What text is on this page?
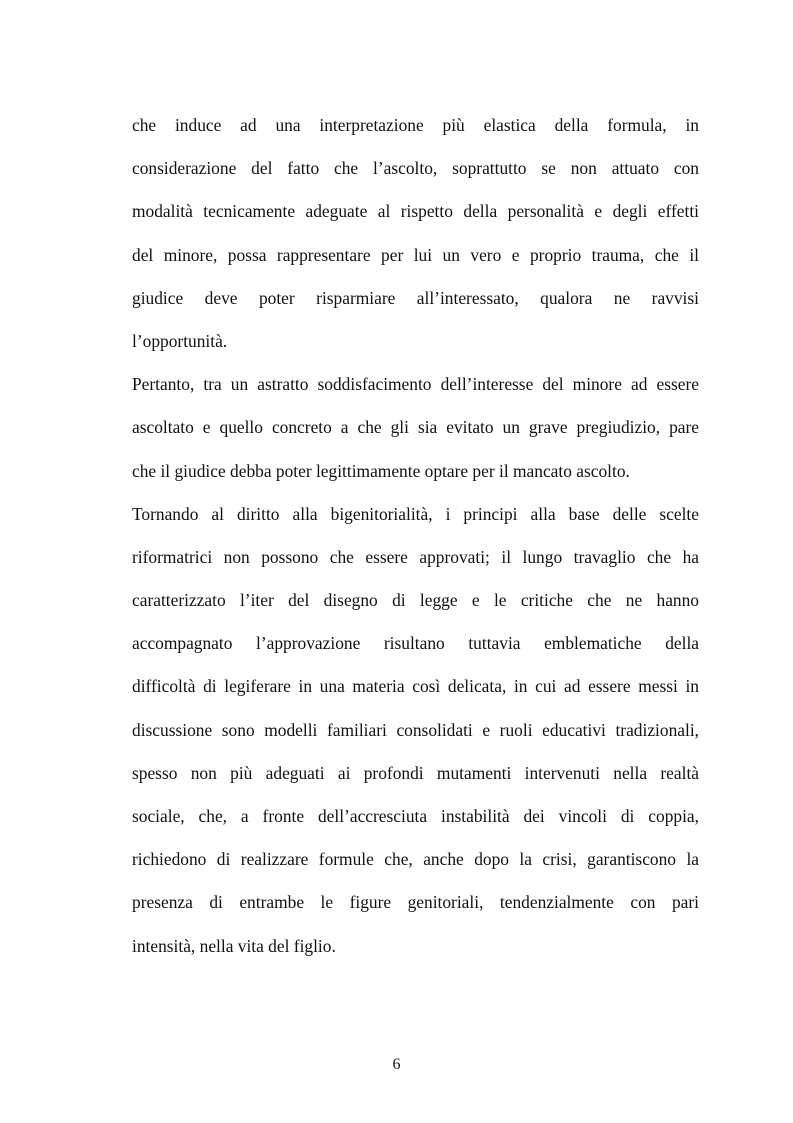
che induce ad una interpretazione più elastica della formula, in
considerazione del fatto che l’ascolto, soprattutto se non attuato con
modalità tecnicamente adeguate al rispetto della personalità e degli effetti
del minore, possa rappresentare per lui un vero e proprio trauma, che il
giudice deve poter risparmiare all’interessato, qualora ne ravvisi
l’opportunità.
Pertanto, tra un astratto soddisfacimento dell’interesse del minore ad essere
ascoltato e quello concreto a che gli sia evitato un grave pregiudizio, pare
che il giudice debba poter legittimamente optare per il mancato ascolto.
Tornando al diritto alla bigenitorialità, i principi alla base delle scelte
riformatrici non possono che essere approvati; il lungo travaglio che ha
caratterizzato l’iter del disegno di legge e le critiche che ne hanno
accompagnato l’approvazione risultano tuttavia emblematiche della
difficoltà di legiferare in una materia così delicata, in cui ad essere messi in
discussione sono modelli familiari consolidati e ruoli educativi tradizionali,
spesso non più adeguati ai profondi mutamenti intervenuti nella realtà
sociale, che, a fronte dell’accresciuta instabilità dei vincoli di coppia,
richiedono di realizzare formule che, anche dopo la crisi, garantiscono la
presenza di entrambe le figure genitoriali, tendenzialmente con pari
intensità, nella vita del figlio.
6
